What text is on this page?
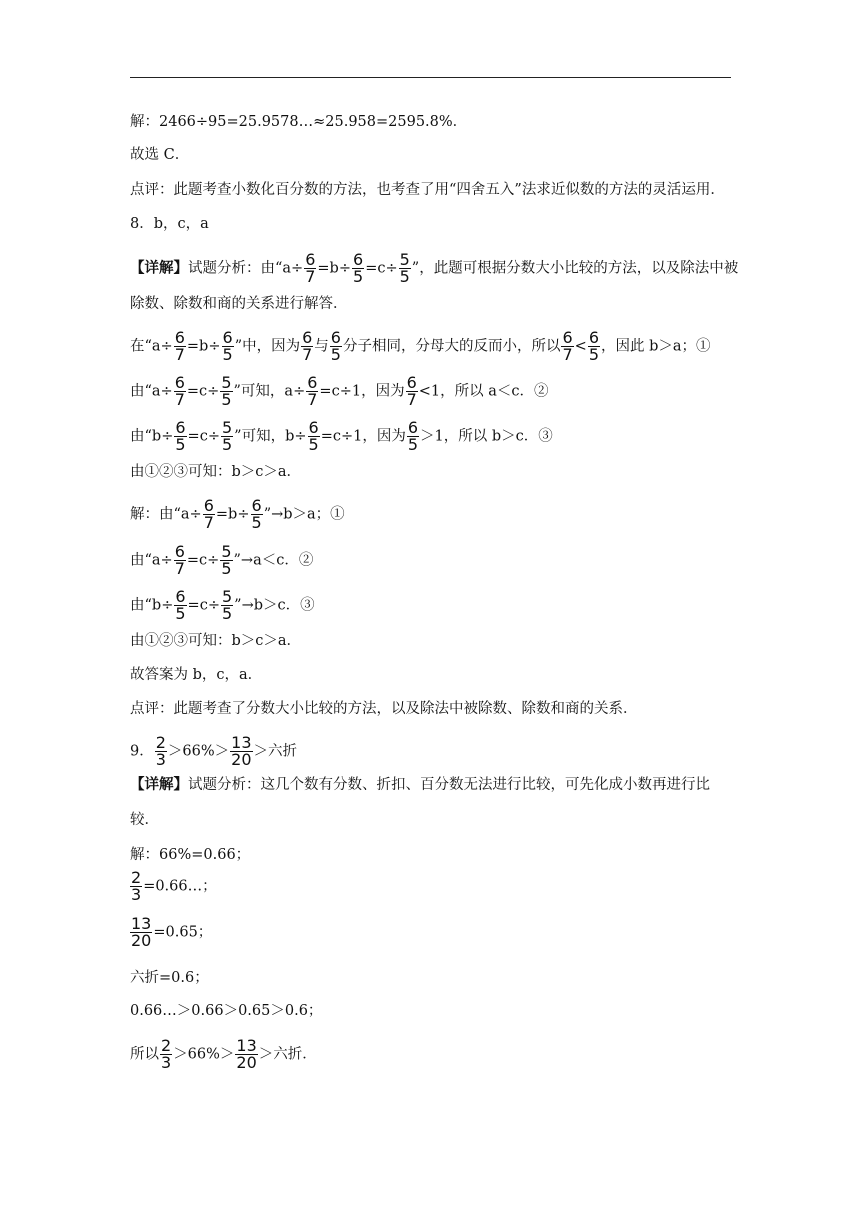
解：2466÷95=25.9578…≈25.958=2595.8%．
故选 C．
点评：此题考查小数化百分数的方法，也考查了用“四舍五入”法求近似数的方法的灵活运用．
8．b，c，a
【详解】试题分析：由“$a\div \frac{6}{7} =b\div \frac{6}{5} =c\div \frac{5}{5}$ ”，此题可根据分数大小比较的方法，以及除法中被
除数、除数和商的关系进行解答．
在“$a\div \frac{6}{7} =b\div \frac{6}{5}$ ”中，因为 $\frac{6}{7}$ 与 $\frac{6}{5}$ 分子相同，分母大的反而小，所以 $\frac{6}{7} < \frac{6}{5}$ ，因此 b＞a；①
由“$a\div \frac{6}{7} =c\div \frac{5}{5}$ ”可知，$a\div \frac{6}{7} =c\div 1$，因为 $\frac{6}{7} <1$，所以 a＜c．②
由“$b\div \frac{6}{5} =c\div \frac{5}{5}$ ”可知，$b\div \frac{6}{5} =c\div 1$，因为 $\frac{6}{5} >1$，所以 b＞c．③
由①②③可知：b＞c＞a．
解：由“$a\div \frac{6}{7} =b\div \frac{6}{5}$ ”→b＞a；①
由“$a\div \frac{6}{7} =c\div \frac{5}{5}$ ”→a＜c．②
由“$b\div \frac{6}{5} =c\div \frac{5}{5}$ ”→b＞c．③
由①②③可知：b＞c＞a．
故答案为 b，c，a．
点评：此题考查了分数大小比较的方法，以及除法中被除数、除数和商的关系．
9． $\frac{2}{3} >66\%> \frac{13}{20}$ ＞六折
【详解】试题分析：这几个数有分数、折扣、百分数无法进行比较，可先化成小数再进行比
较．
解：66%=0.66；
$\frac{2}{3}$ =0.66…；
$\frac{13}{20} =0.65$；
六折=0.6；
0.66…＞0.66＞0.65＞0.6；
所以 $\frac{2}{3} >66\%> \frac{13}{20}$ ＞六折．
